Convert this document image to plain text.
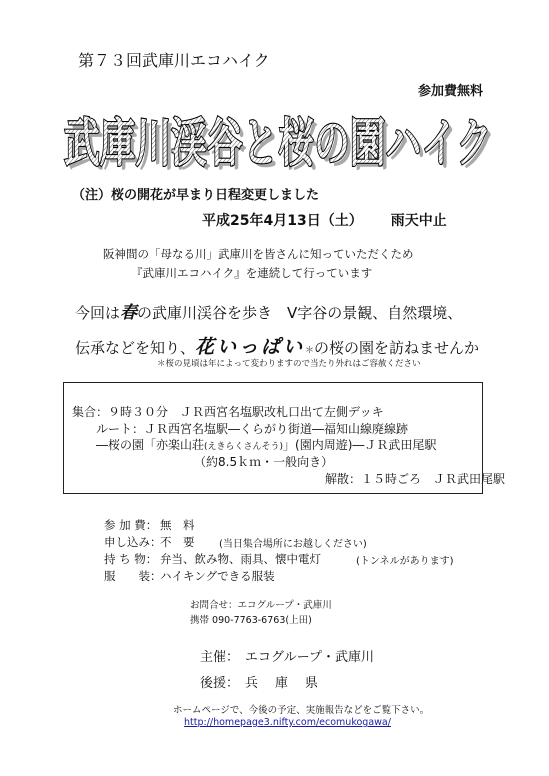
第７３回武庫川エコハイク
参加費無料
武庫川渓谷と桜の園ハイク
武庫川渓谷と桜の園ハイク
（注）桜の開花が早まり日程変更しました
平成25年4月13日（土） 雨天中止
阪神間の「母なる川」武庫川を皆さんに知っていただくため
『武庫川エコハイク』を連続して行っています
今回は春の武庫川渓谷を歩き　V字谷の景観、自然環境、
伝承などを知り、花いっぱい＊の桜の園を訪ねませんか
＊桜の見頃は年によって変わりますので当たり外れはご容赦ください
集合：９時３０分　ＪＲ西宮名塩駅改札口出て左側デッキ
ルート：ＪＲ西宮名塩駅―くらがり街道―福知山線廃線跡
―桜の園「亦楽山荘(えきらくさんそう)」(園内周遊)―ＪＲ武田尾駅
（約8.5ｋｍ・一般向き）
解散：１５時ごろ　ＪＲ武田尾駅
参 加 費： 無　料
申し込み：
不　要 (当日集合場所にお越しください)
持 ち 物： 弁当、飲み物、雨具、懐中電灯	(トンネルがあります)
服　　装：
ハイキングできる服装
お問合せ：エコグループ・武庫川
携帯 090-7763-6763(上田)
主催： エコグループ・武庫川
後援： 兵　庫　県
ホームページで、今後の予定、実施報告などをご覧下さい。
http://homepage3.nifty.com/ecomukogawa/
